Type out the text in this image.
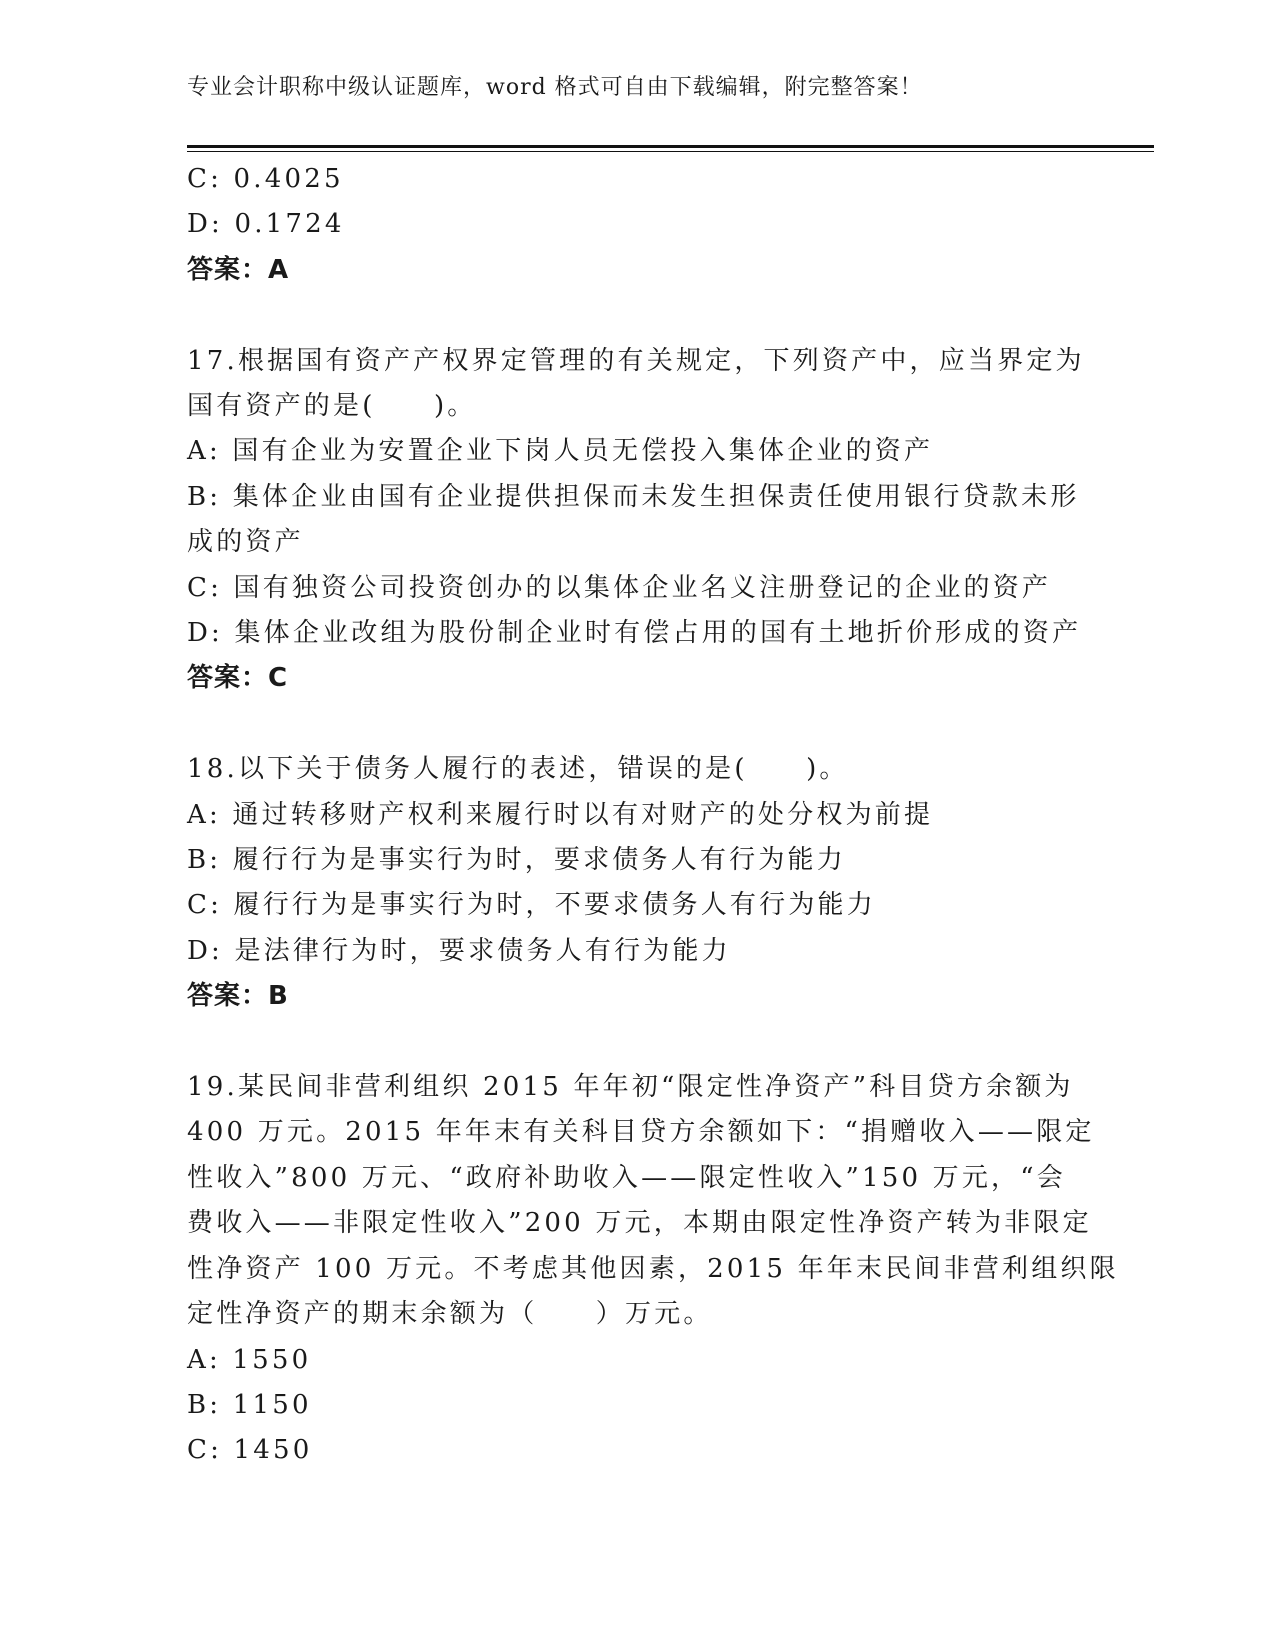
专业会计职称中级认证题库，word 格式可自由下载编辑，附完整答案！
C: 0.4025
D: 0.1724
答案：A
17.根据国有资产产权界定管理的有关规定，下列资产中，应当界定为
国有资产的是(　　)。
A: 国有企业为安置企业下岗人员无偿投入集体企业的资产
B: 集体企业由国有企业提供担保而未发生担保责任使用银行贷款未形
成的资产
C: 国有独资公司投资创办的以集体企业名义注册登记的企业的资产
D: 集体企业改组为股份制企业时有偿占用的国有土地折价形成的资产
答案：C
18.以下关于债务人履行的表述，错误的是(　　)。
A: 通过转移财产权利来履行时以有对财产的处分权为前提
B: 履行行为是事实行为时，要求债务人有行为能力
C: 履行行为是事实行为时，不要求债务人有行为能力
D: 是法律行为时，要求债务人有行为能力
答案：B
19.某民间非营利组织 2015 年年初“限定性净资产”科目贷方余额为
400 万元。2015 年年末有关科目贷方余额如下：“捐赠收入——限定
性收入”800 万元、“政府补助收入——限定性收入”150 万元，“会
费收入——非限定性收入”200 万元，本期由限定性净资产转为非限定
性净资产 100 万元。不考虑其他因素，2015 年年末民间非营利组织限
定性净资产的期末余额为（　　）万元。
A: 1550
B: 1150
C: 1450
